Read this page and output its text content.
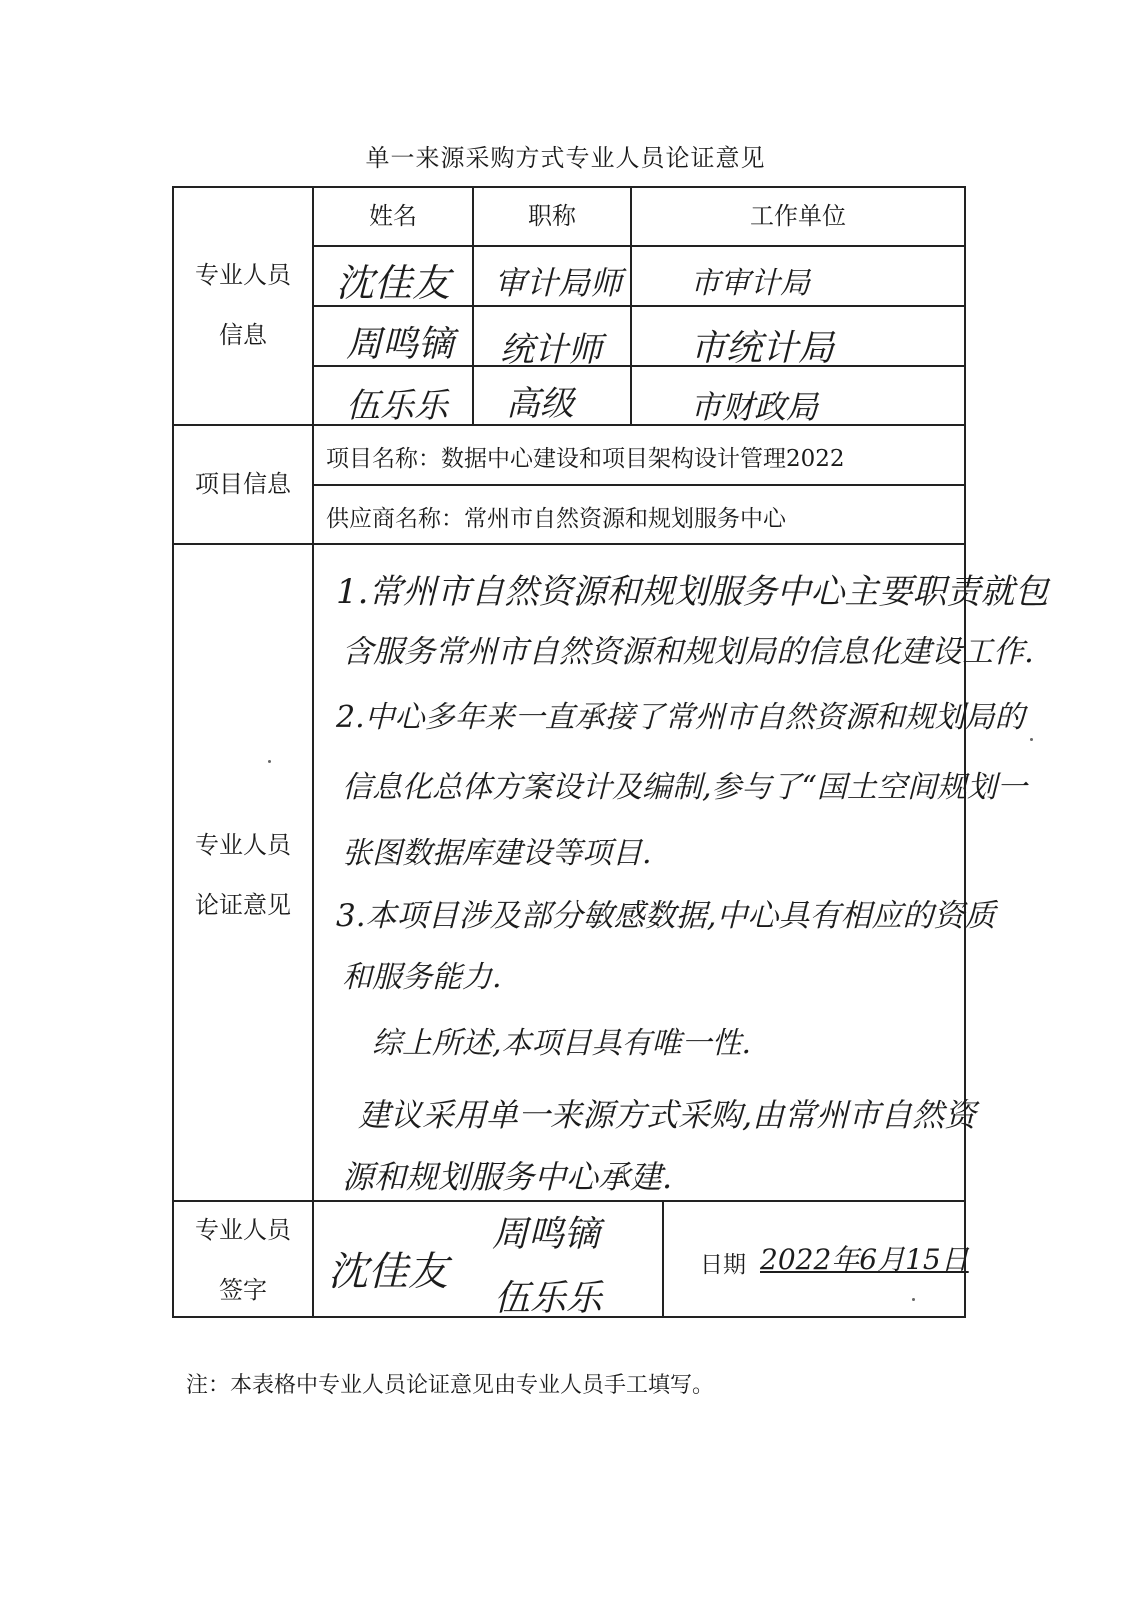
单一来源采购方式专业人员论证意见
专业人员
信息
姓名	职称	工作单位
沈佳友 审计局师 市审计局
周鸣镝 统计师 市统计局
伍乐乐 高级	市财政局
项目信息
项目名称：数据中心建设和项目架构设计管理2022
供应商名称：常州市自然资源和规划服务中心
专业人员
论证意见
1.常州市自然资源和规划服务中心主要职责就包
含服务常州市自然资源和规划局的信息化建设工作.
2.中心多年来一直承接了常州市自然资源和规划局的
信息化总体方案设计及编制,参与了“国土空间规划一
张图数据库建设等项目.
3.本项目涉及部分敏感数据,中心具有相应的资质
和服务能力.
综上所述,本项目具有唯一性.
建议采用单一来源方式采购,由常州市自然资
源和规划服务中心承建.
专业人员
签字	沈佳友
周鸣镝
伍乐乐
日期 2022年6月15日
注：本表格中专业人员论证意见由专业人员手工填写。
